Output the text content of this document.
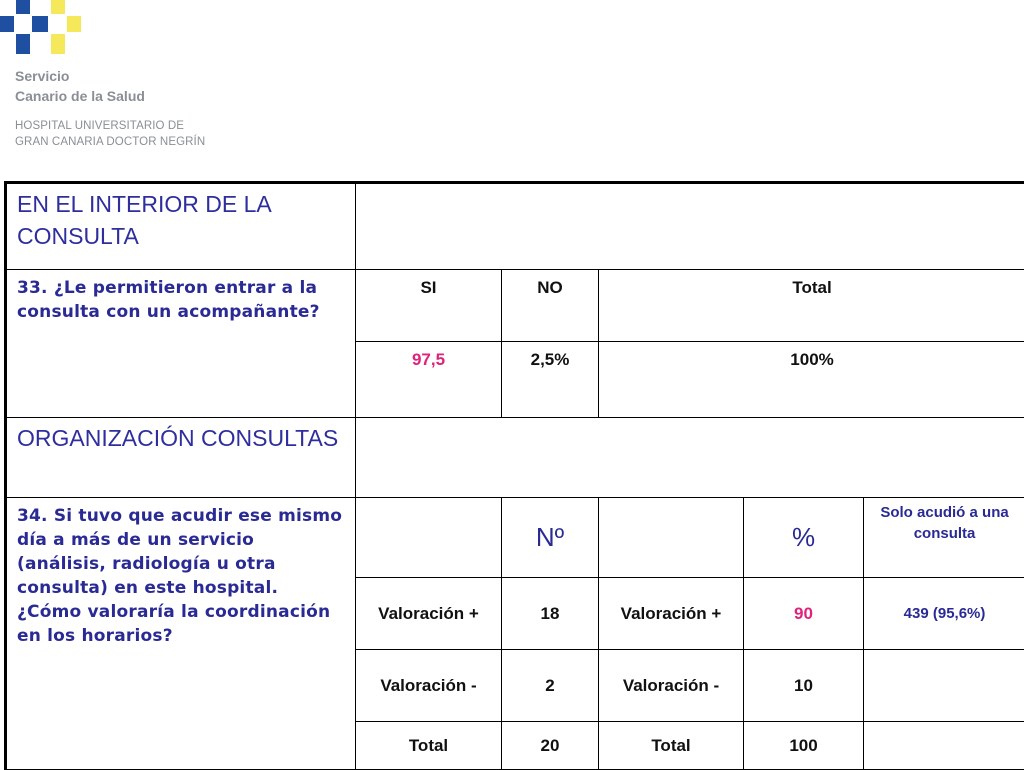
Servicio
Canario de la Salud
HOSPITAL UNIVERSITARIO DE
GRAN CANARIA DOCTOR NEGRÍN
EN EL INTERIOR DE LA CONSULTA					
33. ¿Le permitieron entrar a la consulta con un acompañante?	SI	NO	Total		
	97,5	2,5%	100%		
ORGANIZACIÓN CONSULTAS					
34. Si tuvo que acudir ese mismo día a más de un servicio (análisis, radiología u otra consulta) en este hospital. ¿Cómo valoraría la coordinación en los horarios?		Nº		%	Solo acudió a una consulta
	Valoración +	18	Valoración +	90	439 (95,6%)
	Valoración -	2	Valoración -	10	
	Total	20	Total	100	
